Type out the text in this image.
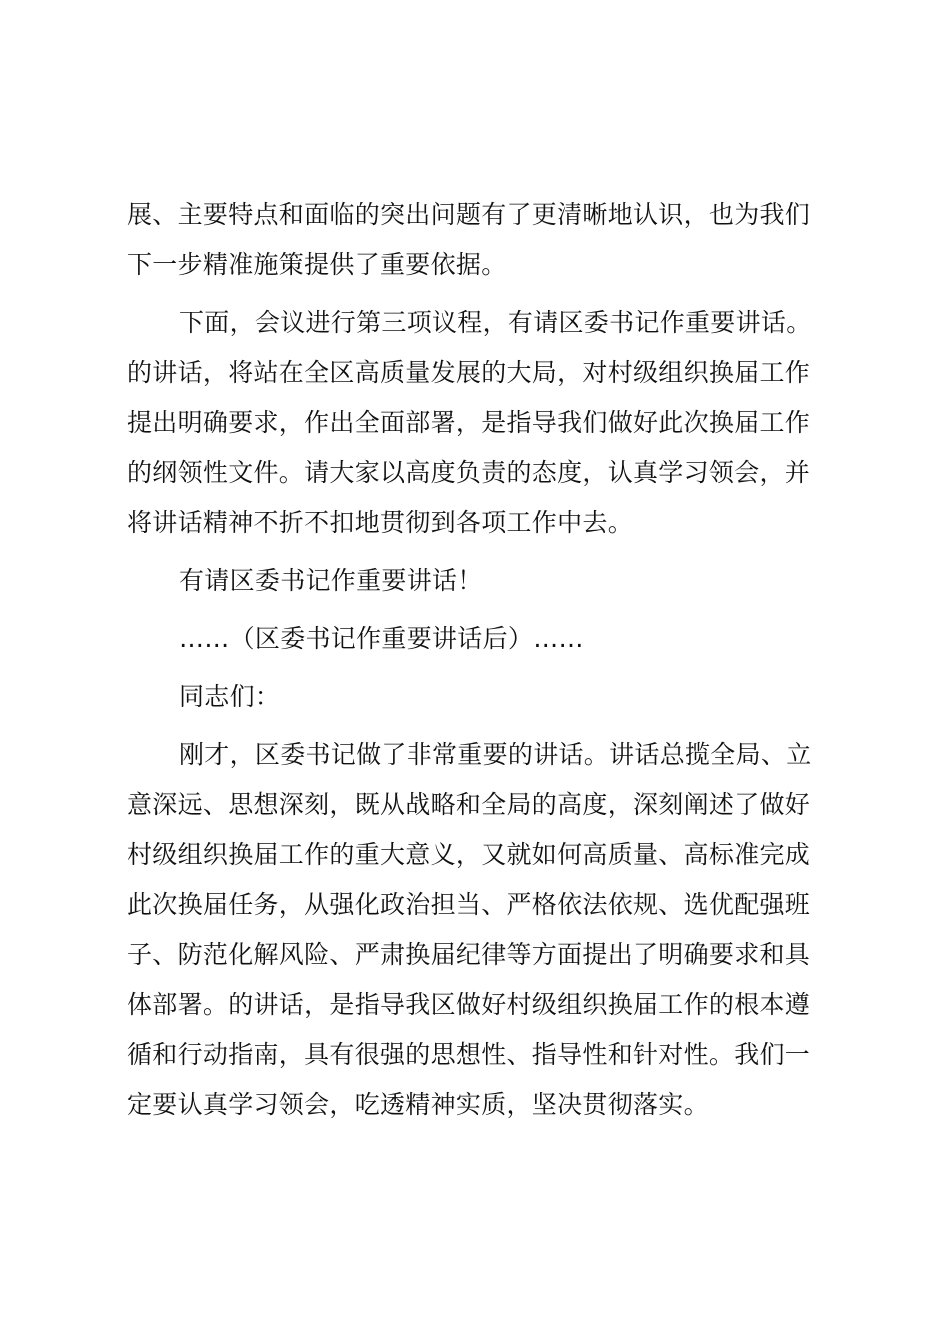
展、主要特点和面临的突出问题有了更清晰地认识，也为我们
下一步精准施策提供了重要依据。
下面，会议进行第三项议程，有请区委书记作重要讲话。
的讲话，将站在全区高质量发展的大局，对村级组织换届工作
提出明确要求，作出全面部署，是指导我们做好此次换届工作
的纲领性文件。请大家以高度负责的态度，认真学习领会，并
将讲话精神不折不扣地贯彻到各项工作中去。
有请区委书记作重要讲话！
……（区委书记作重要讲话后）……
同志们：
刚才，区委书记做了非常重要的讲话。讲话总揽全局、立
意深远、思想深刻，既从战略和全局的高度，深刻阐述了做好
村级组织换届工作的重大意义，又就如何高质量、高标准完成
此次换届任务，从强化政治担当、严格依法依规、选优配强班
子、防范化解风险、严肃换届纪律等方面提出了明确要求和具
体部署。的讲话，是指导我区做好村级组织换届工作的根本遵
循和行动指南，具有很强的思想性、指导性和针对性。我们一
定要认真学习领会，吃透精神实质，坚决贯彻落实。
